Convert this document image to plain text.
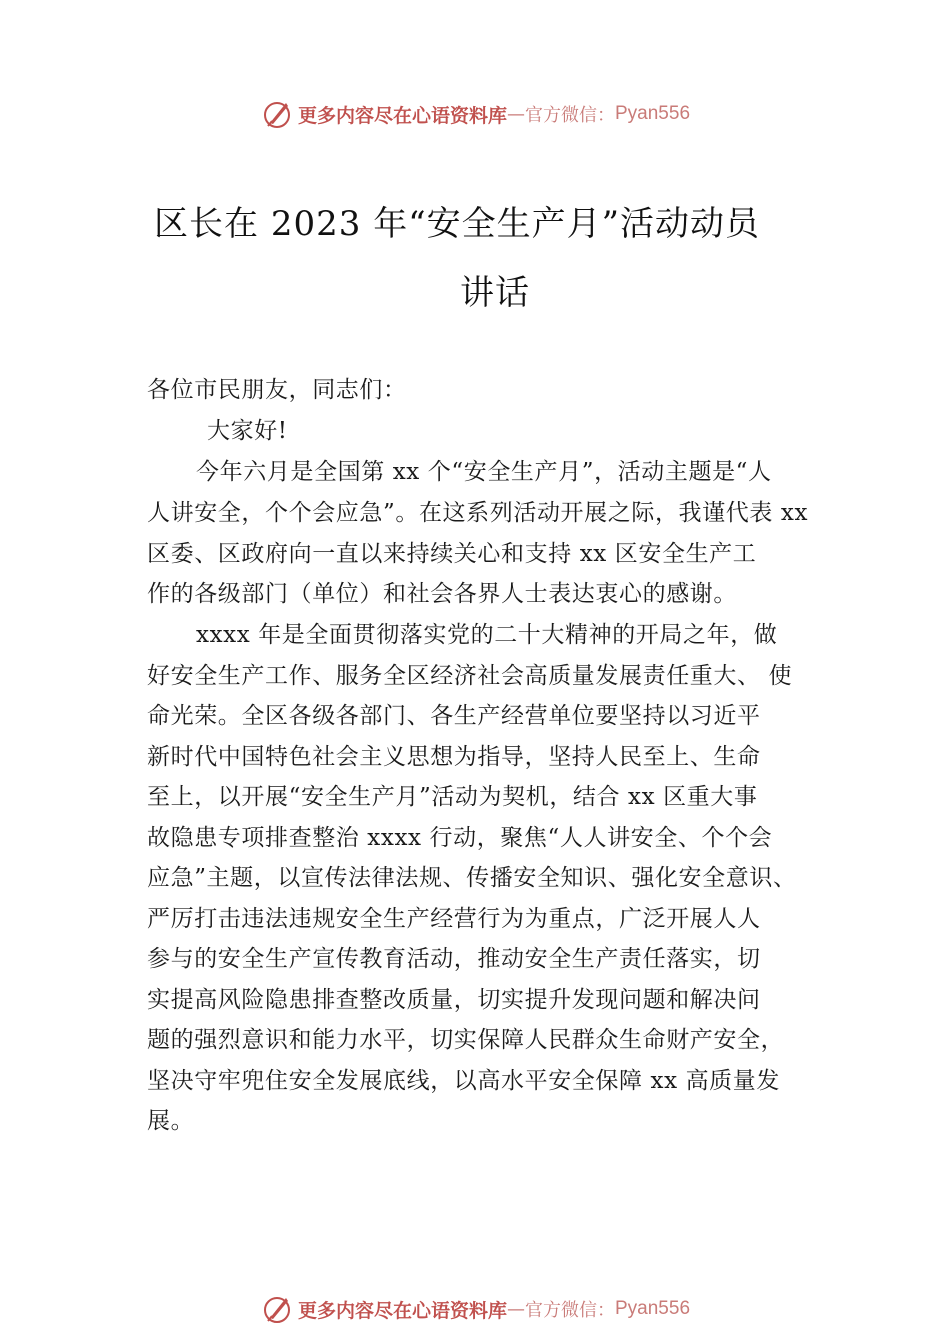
更多内容尽在心语资料库 — 官方微信： Pyan556
区长在 2023 年“安全生产月”活动动员
讲话
各位市民朋友，同志们：
大家好!
今年六月是全国第 xx 个“安全生产月”，活动主题是“人
人讲安全，个个会应急”。在这系列活动开展之际，我谨代表 xx
区委、区政府向一直以来持续关心和支持 xx 区安全生产工
作的各级部门（单位）和社会各界人士表达衷心的感谢。
xxxx 年是全面贯彻落实党的二十大精神的开局之年，做
好安全生产工作、服务全区经济社会高质量发展责任重大、 使
命光荣。全区各级各部门、各生产经营单位要坚持以习近平
新时代中国特色社会主义思想为指导，坚持人民至上、生命
至上，以开展“安全生产月”活动为契机，结合 xx 区重大事
故隐患专项排查整治 xxxx 行动，聚焦“人人讲安全、个个会
应急”主题，以宣传法律法规、传播安全知识、强化安全意识、
严厉打击违法违规安全生产经营行为为重点，广泛开展人人
参与的安全生产宣传教育活动，推动安全生产责任落实，切
实提高风险隐患排查整改质量，切实提升发现问题和解决问
题的强烈意识和能力水平，切实保障人民群众生命财产安全，
坚决守牢兜住安全发展底线，以高水平安全保障 xx 高质量发
展。
更多内容尽在心语资料库 — 官方微信： Pyan556
